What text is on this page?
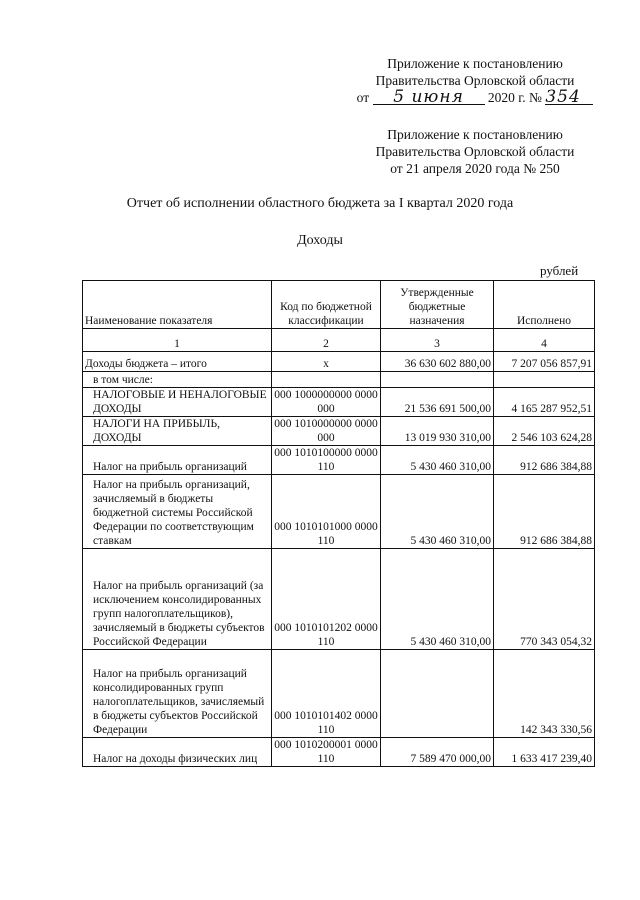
Приложение к постановлению
Правительства Орловской области
от 5 июня 2020 г. № 354
Приложение к постановлению
Правительства Орловской области
от 21 апреля 2020 года № 250
Отчет об исполнении областного бюджета за I квартал 2020 года
Доходы
рублей
Наименование показателя	Код по бюджетной классификации	Утвержденные бюджетные назначения	Исполнено
1	2	3	4
Доходы бюджета – итого	x	36 630 602 880,00	7 207 056 857,91
в том числе:			
НАЛОГОВЫЕ И НЕНАЛОГОВЫЕ ДОХОДЫ	000 1000000000 0000 000	21 536 691 500,00	4 165 287 952,51
НАЛОГИ НА ПРИБЫЛЬ, ДОХОДЫ	000 1010000000 0000 000	13 019 930 310,00	2 546 103 624,28
Налог на прибыль организаций	000 1010100000 0000 110	5 430 460 310,00	912 686 384,88
Налог на прибыль организаций, зачисляемый в бюджеты бюджетной системы Российской Федерации по соответствующим ставкам	000 1010101000 0000 110	5 430 460 310,00	912 686 384,88
Налог на прибыль организаций (за исключением консолидированных групп налогоплательщиков), зачисляемый в бюджеты субъектов Российской Федерации	000 1010101202 0000 110	5 430 460 310,00	770 343 054,32
Налог на прибыль организаций консолидированных групп налогоплательщиков, зачисляемый в бюджеты субъектов Российской Федерации	000 1010101402 0000 110		142 343 330,56
Налог на доходы физических лиц	000 1010200001 0000 110	7 589 470 000,00	1 633 417 239,40
